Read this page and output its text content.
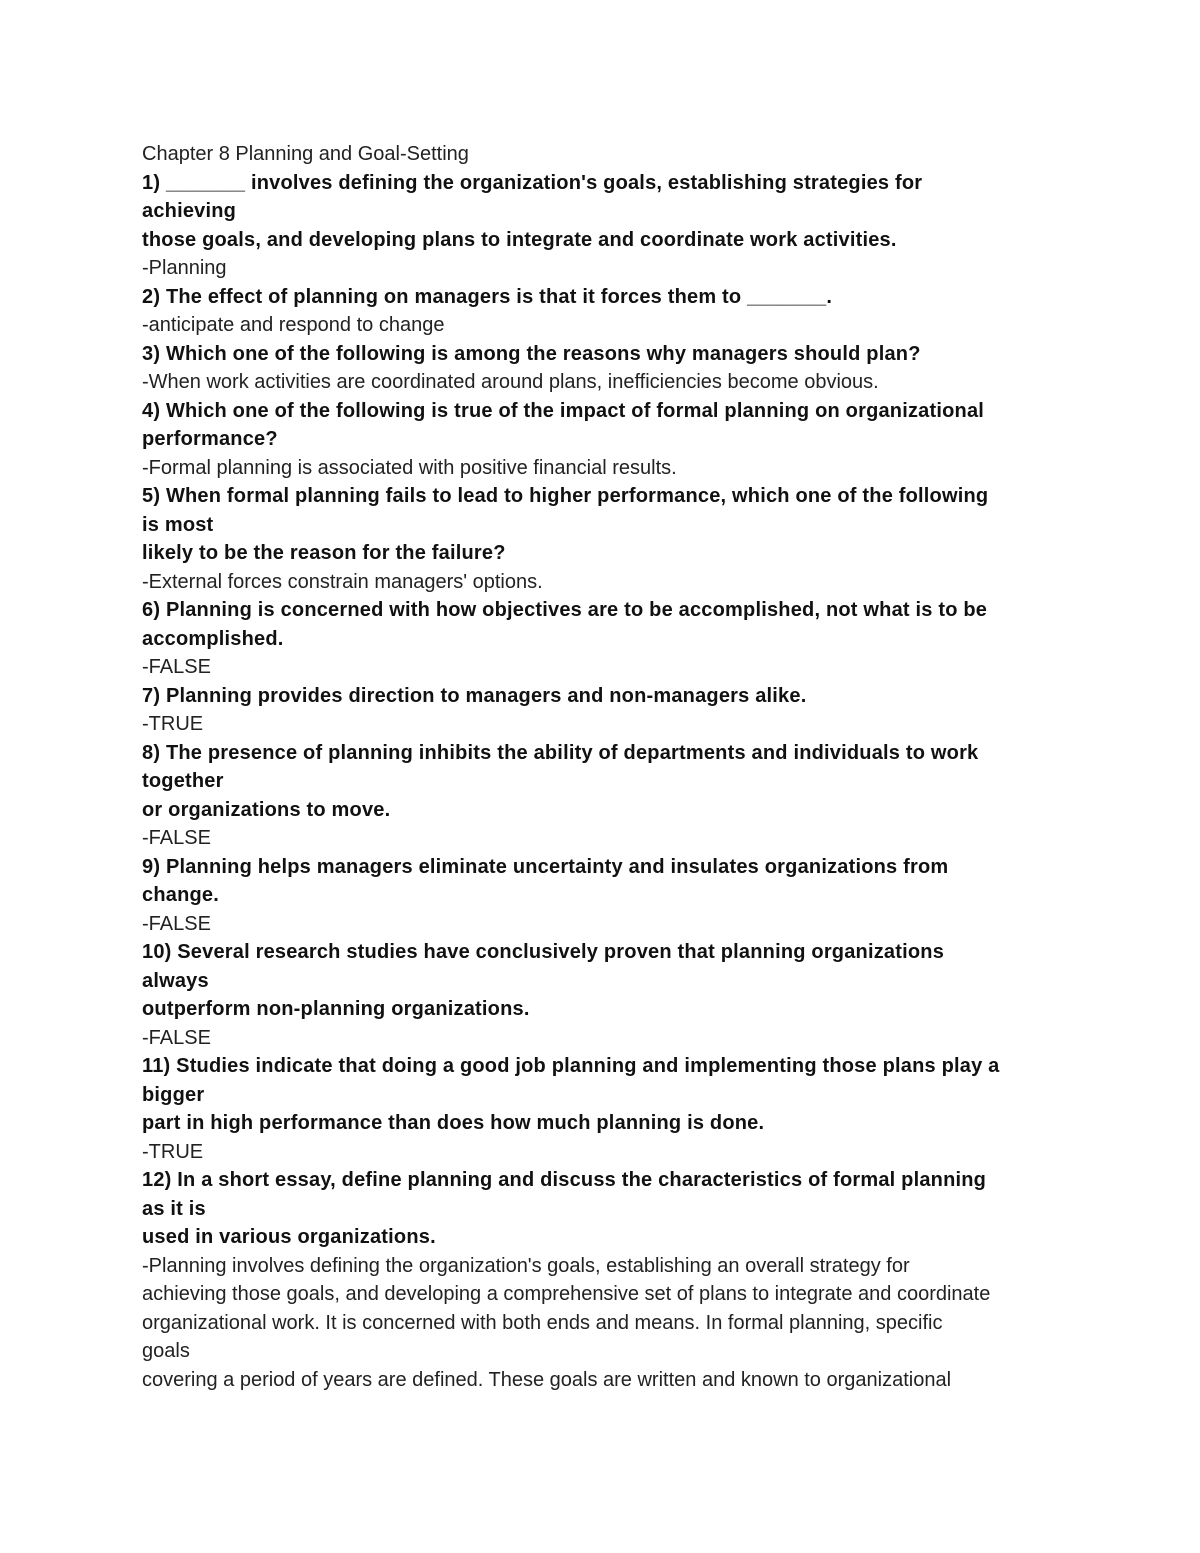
Chapter 8 Planning and Goal-Setting
1) _______ involves defining the organization's goals, establishing strategies for
achieving
those goals, and developing plans to integrate and coordinate work activities.
-Planning
2) The effect of planning on managers is that it forces them to _______.
-anticipate and respond to change
3) Which one of the following is among the reasons why managers should plan?
-When work activities are coordinated around plans, inefficiencies become obvious.
4) Which one of the following is true of the impact of formal planning on organizational
performance?
-Formal planning is associated with positive financial results.
5) When formal planning fails to lead to higher performance, which one of the following
is most
likely to be the reason for the failure?
-External forces constrain managers' options.
6) Planning is concerned with how objectives are to be accomplished, not what is to be
accomplished.
-FALSE
7) Planning provides direction to managers and non-managers alike.
-TRUE
8) The presence of planning inhibits the ability of departments and individuals to work
together
or organizations to move.
-FALSE
9) Planning helps managers eliminate uncertainty and insulates organizations from
change.
-FALSE
10) Several research studies have conclusively proven that planning organizations
always
outperform non-planning organizations.
-FALSE
11) Studies indicate that doing a good job planning and implementing those plans play a
bigger
part in high performance than does how much planning is done.
-TRUE
12) In a short essay, define planning and discuss the characteristics of formal planning
as it is
used in various organizations.
-Planning involves defining the organization's goals, establishing an overall strategy for
achieving those goals, and developing a comprehensive set of plans to integrate and coordinate
organizational work. It is concerned with both ends and means. In formal planning, specific
goals
covering a period of years are defined. These goals are written and known to organizational
